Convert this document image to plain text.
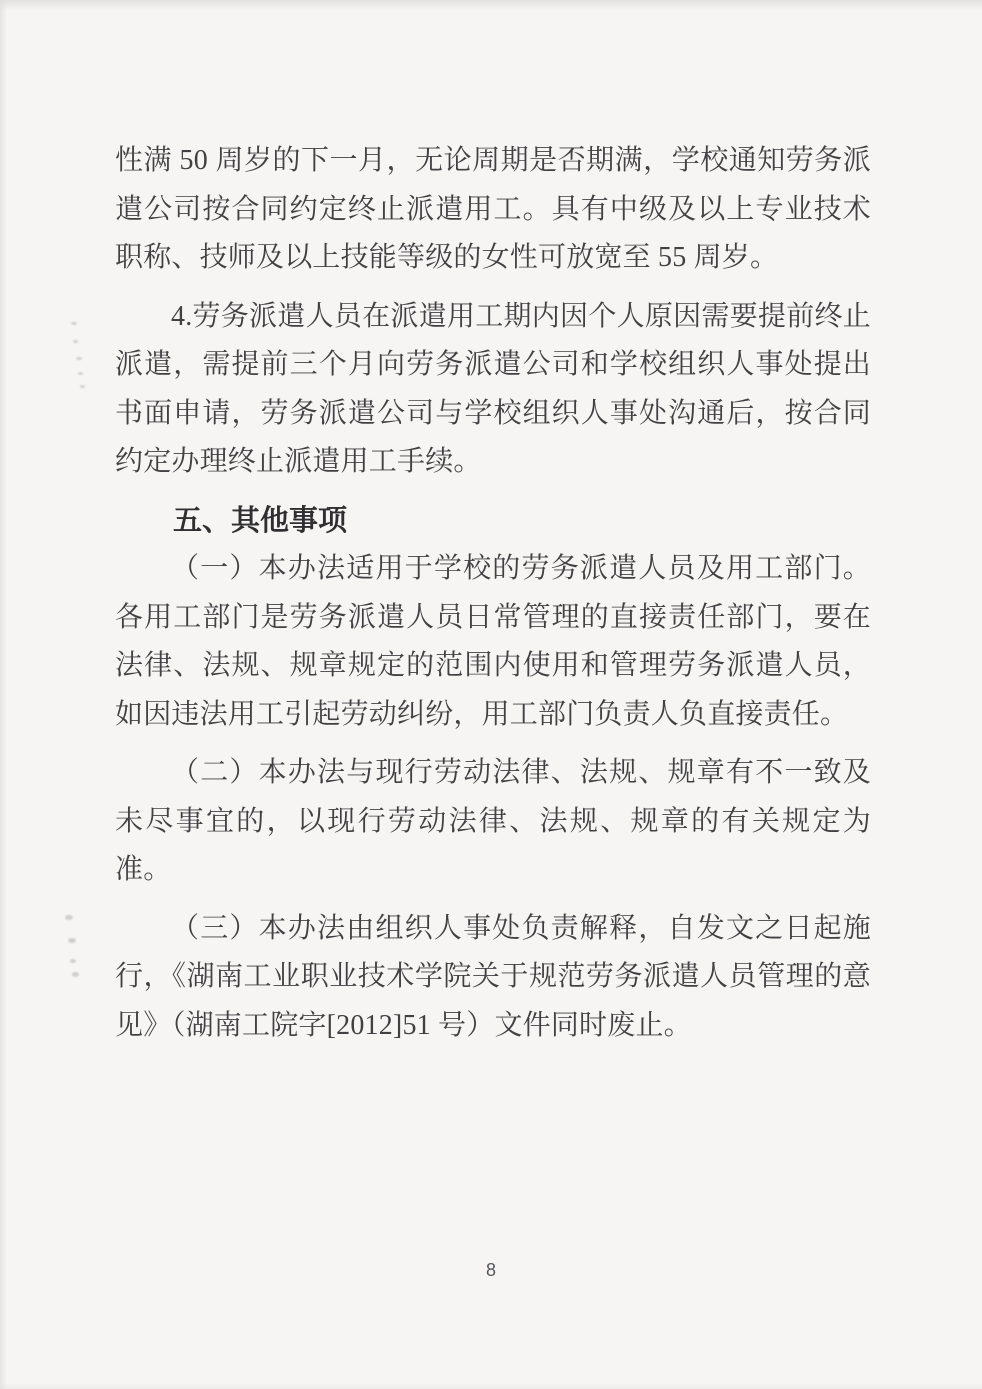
性满 50 周岁的下一月，无论周期是否期满，学校通知劳务派遣公司按合同约定终止派遣用工。具有中级及以上专业技术职称、技师及以上技能等级的女性可放宽至 55 周岁。

4.劳务派遣人员在派遣用工期内因个人原因需要提前终止派遣，需提前三个月向劳务派遣公司和学校组织人事处提出书面申请，劳务派遣公司与学校组织人事处沟通后，按合同约定办理终止派遣用工手续。

五、其他事项

（一）本办法适用于学校的劳务派遣人员及用工部门。各用工部门是劳务派遣人员日常管理的直接责任部门，要在法律、法规、规章规定的范围内使用和管理劳务派遣人员，如因违法用工引起劳动纠纷，用工部门负责人负直接责任。

（二）本办法与现行劳动法律、法规、规章有不一致及未尽事宜的，以现行劳动法律、法规、规章的有关规定为准。

（三）本办法由组织人事处负责解释，自发文之日起施行，《湖南工业职业技术学院关于规范劳务派遣人员管理的意见》（湖南工院字[2012]51 号）文件同时废止。

8
